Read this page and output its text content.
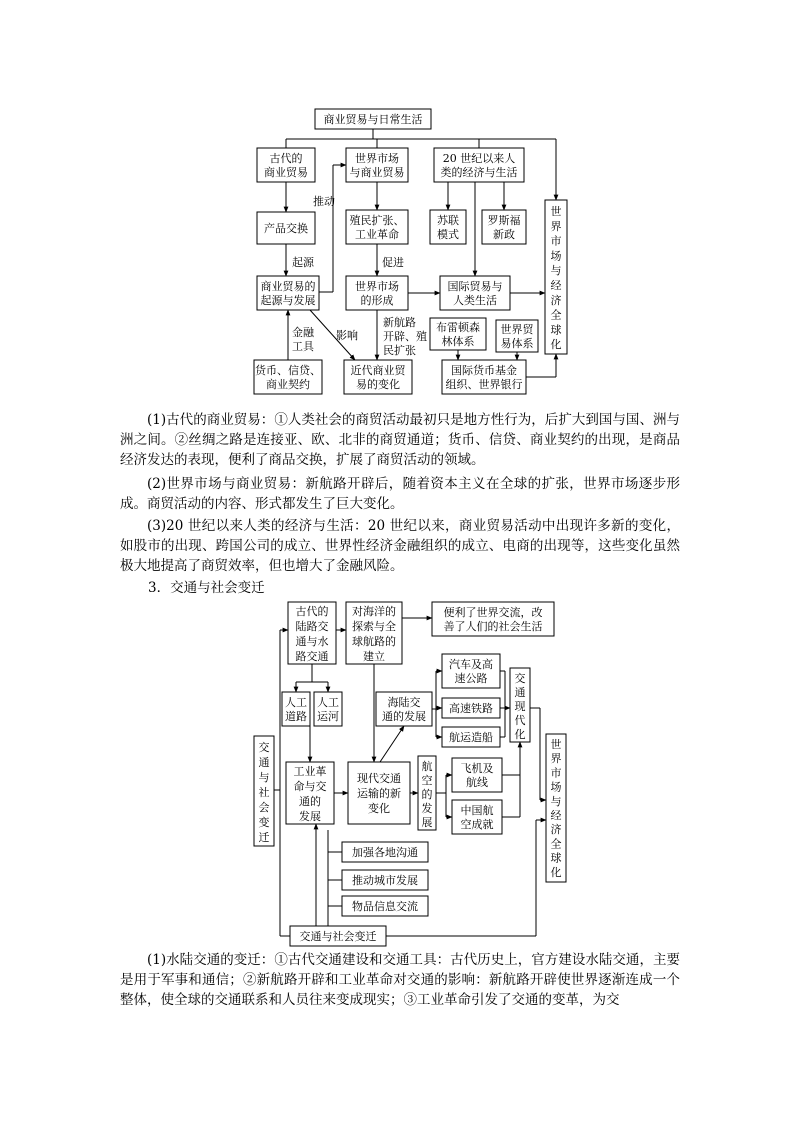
商业贸易与日常生活
古代的
商业贸易
世界市场
与商业贸易
20 世纪以来人
类的经济与生活
产品交换
殖民扩张、
工业革命
苏联
模式
罗斯福
新政
世
界
市
场
与
经
济
全
球
化
商业贸易的
起源与发展
世界市场
的形成
国际贸易与
人类生活
布雷顿森
林体系
世界贸
易体系
货币、信贷、
商业契约
近代商业贸
易的变化
国际货币基金
组织、世界银行
推动
起源	促进
金融
工具
影响
新航路
开辟、殖
民扩张

(1)古代的商业贸易：①人类社会的商贸活动最初只是地方性行为，后扩大到国与国、洲与洲之间。②丝绸之路是连接亚、欧、北非的商贸通道；货币、信贷、商业契约的出现，是商品经济发达的表现，便利了商品交换，扩展了商贸活动的领域。

(2)世界市场与商业贸易：新航路开辟后，随着资本主义在全球的扩张，世界市场逐步形成。商贸活动的内容、形式都发生了巨大变化。

(3)20 世纪以来人类的经济与生活：20 世纪以来，商业贸易活动中出现许多新的变化，如股市的出现、跨国公司的成立、世界性经济金融组织的成立、电商的出现等，这些变化虽然极大地提高了商贸效率，但也增大了金融风险。

3．交通与社会变迁

古代的
陆路交
通与水
路交通
对海洋的
探索与全
球航路的
建立
便利了世界交流，改
善了人们的社会生活
汽车及高
速公路
高速铁路
航运造船
交
通
现
代
化
人工
道路
人工
运河
海陆交
通的发展
交
通
与
社
会
变
迁
工业革
命与交
通的
发展
现代交通
运输的新
变化
航
空
的
发
展
飞机及
航线
中国航
空成就
世
界
市
场
与
经
济
全
球
化
加强各地沟通
推动城市发展
物品信息交流
交通与社会变迁

(1)水陆交通的变迁：①古代交通建设和交通工具：古代历史上，官方建设水陆交通，主要是用于军事和通信；②新航路开辟和工业革命对交通的影响：新航路开辟使世界逐渐连成一个整体，使全球的交通联系和人员往来变成现实；③工业革命引发了交通的变革，为交
